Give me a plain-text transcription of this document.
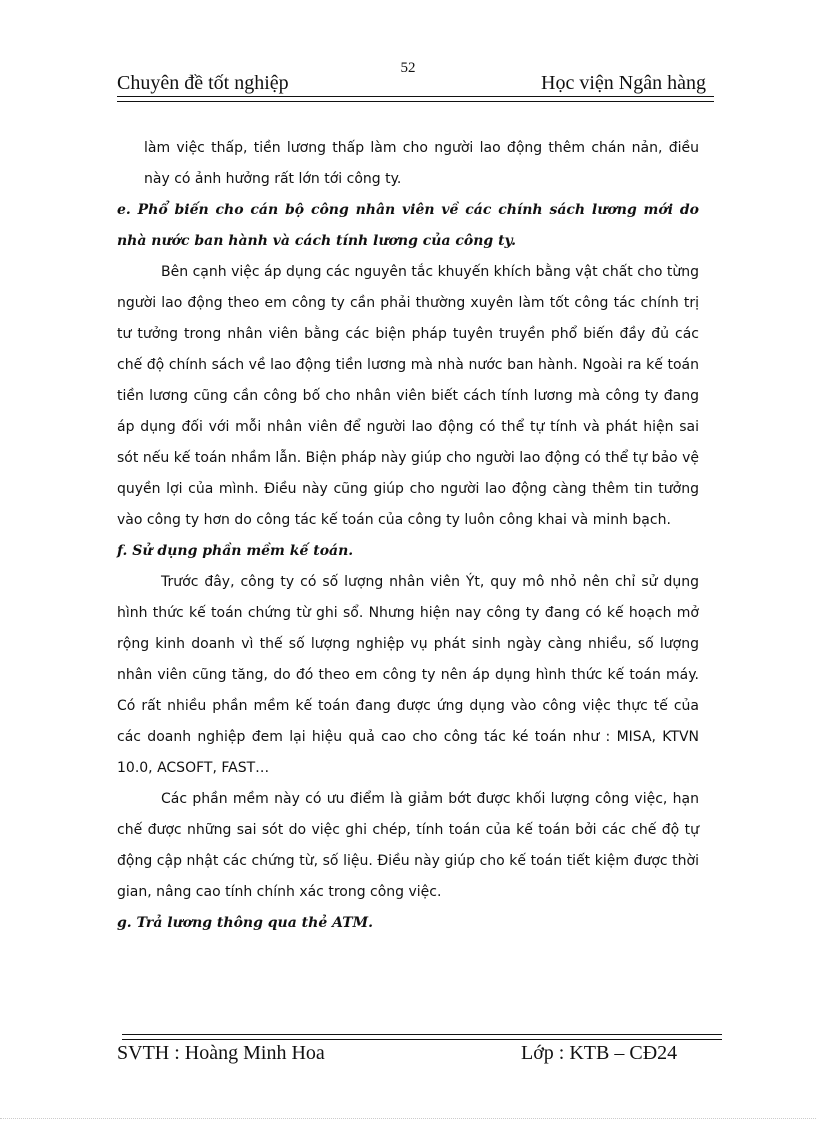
52
Chuyên đề tốt nghiệp	Học viện Ngân hàng

làm việc thấp, tiền lương thấp làm cho người lao động thêm chán nản, điều này có ảnh hưởng rất lớn tới công ty.

e. Phổ biến cho cán bộ công nhân viên về các chính sách lương mới do nhà nước ban hành và cách tính lương của công ty.

Bên cạnh việc áp dụng các nguyên tắc khuyến khích bằng vật chất cho từng người lao động theo em công ty cần phải thường xuyên làm tốt công tác chính trị tư tưởng trong nhân viên bằng các biện pháp tuyên truyền phổ biến đầy đủ các chế độ chính sách về lao động tiền lương mà nhà nước ban hành. Ngoài ra kế toán tiền lương cũng cần công bố cho nhân viên biết cách tính lương mà công ty đang áp dụng đối với mỗi nhân viên để người lao động có thể tự tính và phát hiện sai sót nếu kế toán nhầm lẫn. Biện pháp này giúp cho người lao động có thể tự bảo vệ quyền lợi của mình. Điều này cũng giúp cho người lao động càng thêm tin tưởng vào công ty hơn do công tác kế toán của công ty luôn công khai và minh bạch.

f. Sử dụng phần mềm kế toán.

Trước đây, công ty có số lượng nhân viên Ýt, quy mô nhỏ nên chỉ sử dụng hình thức kế toán chứng từ ghi sổ. Nhưng hiện nay công ty đang có kế hoạch mở rộng kinh doanh vì thế số lượng nghiệp vụ phát sinh ngày càng nhiều, số lượng nhân viên cũng tăng, do đó theo em công ty nên áp dụng hình thức kế toán máy. Có rất nhiều phần mềm kế toán đang được ứng dụng vào công việc thực tế của các doanh nghiệp đem lại hiệu quả cao cho công tác ké toán như : MISA, KTVN 10.0, ACSOFT, FAST…

Các phần mềm này có ưu điểm là giảm bớt được khối lượng công việc, hạn chế được những sai sót do việc ghi chép, tính toán của kế toán bởi các chế độ tự động cập nhật các chứng từ, số liệu. Điều này giúp cho kế toán tiết kiệm được thời gian, nâng cao tính chính xác trong công việc.

g. Trả lương thông qua thẻ ATM.

SVTH : Hoàng Minh Hoa	Lớp : KTB – CĐ24
